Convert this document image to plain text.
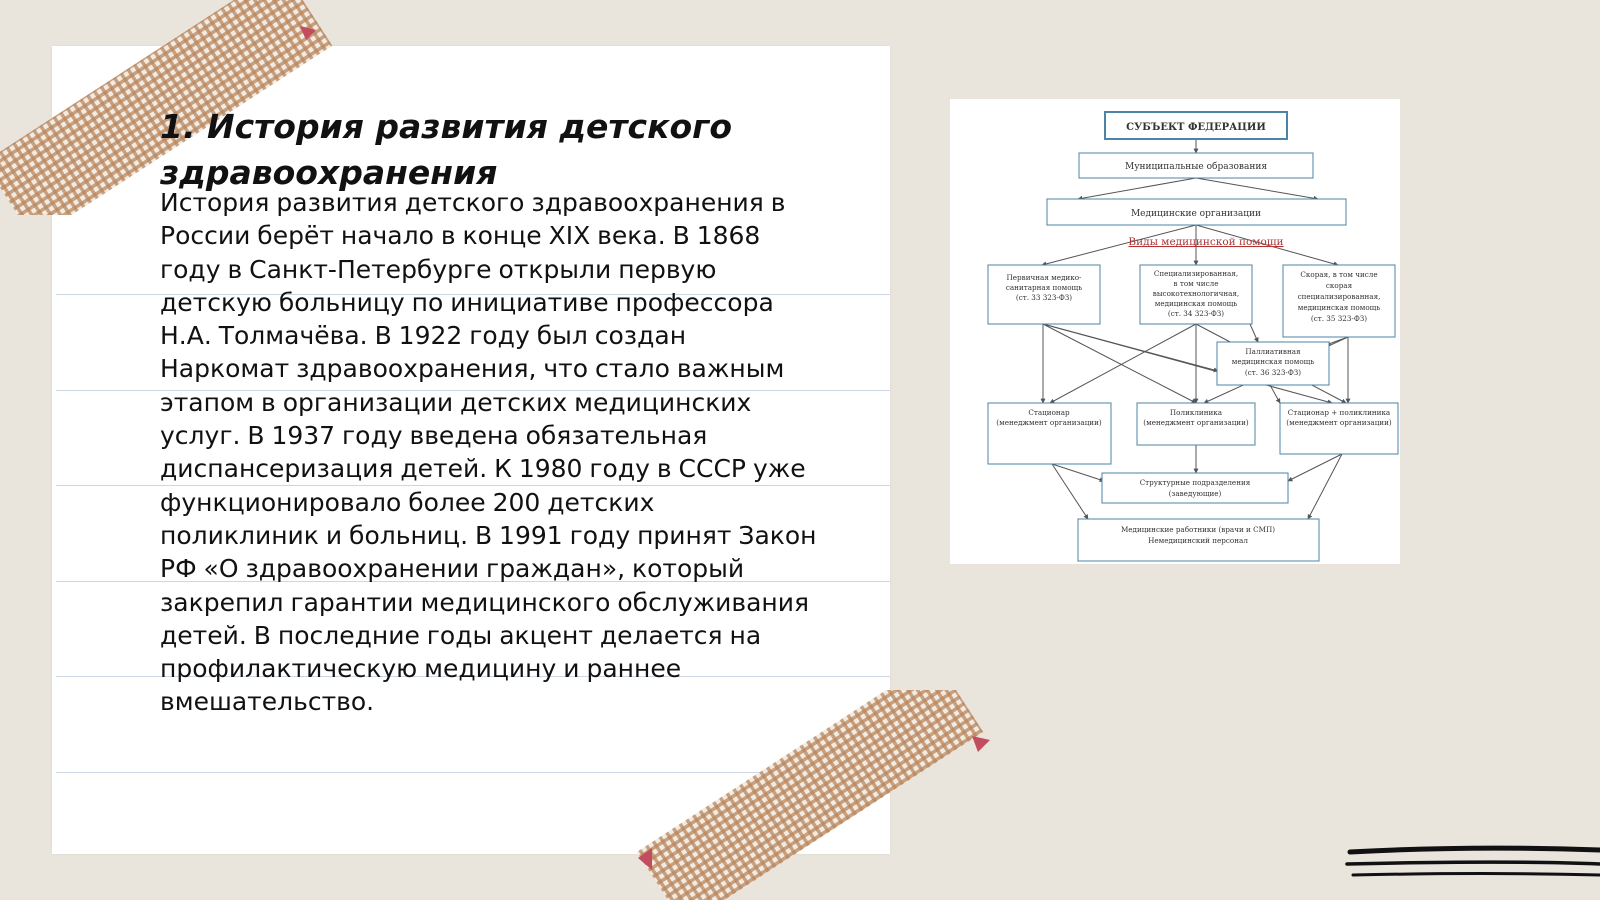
1. История развития детского здравоохранения

История развития детского здравоохранения в России берёт начало в конце XIX века. В 1868 году в Санкт-Петербурге открыли первую детскую больницу по инициативе профессора Н.А. Толмачёва. В 1922 году был создан Наркомат здравоохранения, что стало важным этапом в организации детских медицинских услуг. В 1937 году введена обязательная диспансеризация детей. К 1980 году в СССР уже функционировало более 200 детских поликлиник и больниц. В 1991 году принят Закон РФ «О здравоохранении граждан», который закрепил гарантии медицинского обслуживания детей. В последние годы акцент делается на профилактическую медицину и раннее вмешательство.

СУБЪЕКТ ФЕДЕРАЦИИ
Муниципальные образования
Медицинские организации
Виды медицинской помощи
Первичная медико-
санитарная помощь
(ст. 33 323-ФЗ)
Специализированная,
в том числе
высокотехнологичная,
медицинская помощь
(ст. 34 323-ФЗ)
Скорая, в том числе
скорая
специализированная,
медицинская помощь
(ст. 35 323-ФЗ)
Паллиативная
медицинская помощь
(ст. 36 323-ФЗ)
Стационар
(менеджмент организации)
Поликлиника
(менеджмент организации)
Стационар + поликлиника
(менеджмент организации)
Структурные подразделения
(заведующие)
Медицинские работники (врачи и СМП)
Немедицинский персонал
